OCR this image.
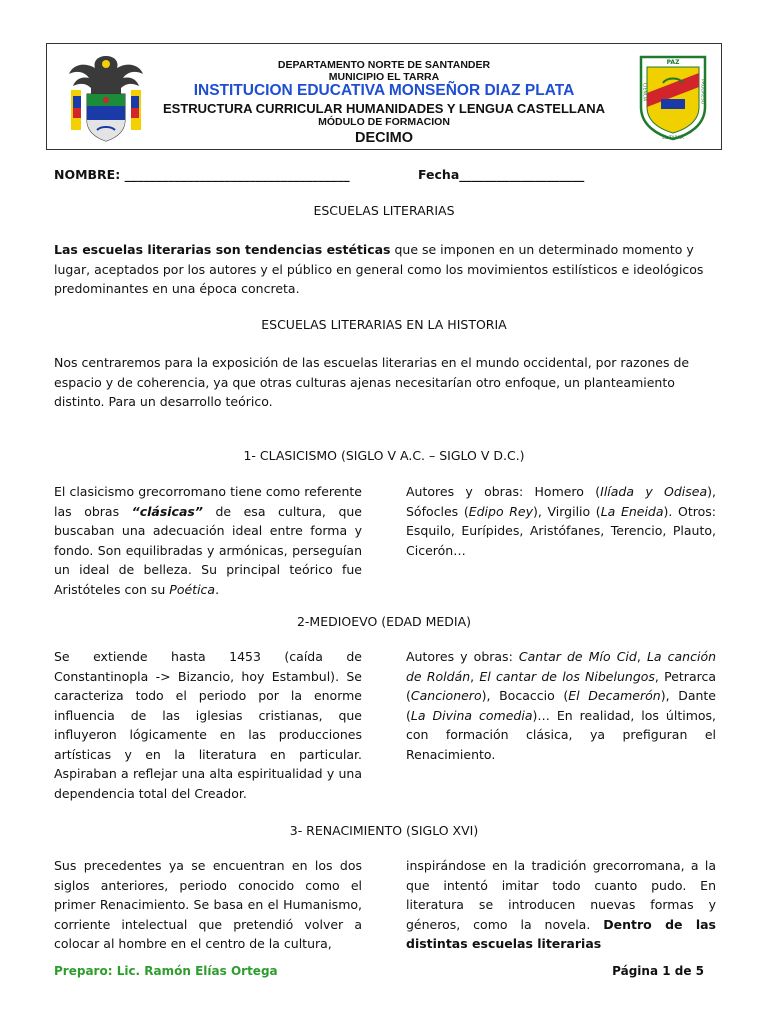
DEPARTAMENTO NORTE DE SANTANDER
MUNICIPIO EL TARRA
INSTITUCION EDUCATIVA MONSEÑOR DIAZ PLATA
ESTRUCTURA CURRICULAR HUMANIDADES Y LENGUA CASTELLANA
MÓDULO DE FORMACION
DECIMO
PAZ
CIENCIA	PROGRESO
EL TARRA
NOMBRE: ____________________________________	Fecha____________________
ESCUELAS LITERARIAS
Las escuelas literarias son tendencias estéticas que se imponen en un determinado momento y lugar, aceptados por los autores y el público en general como los movimientos estilísticos e ideológicos predominantes en una época concreta.
ESCUELAS LITERARIAS EN LA HISTORIA
Nos centraremos para la exposición de las escuelas literarias en el mundo occidental, por razones de espacio y de coherencia, ya que otras culturas ajenas necesitarían otro enfoque, un planteamiento distinto. Para un desarrollo teórico.
1- CLASICISMO (SIGLO V A.C. – SIGLO V D.C.)
El clasicismo grecorromano tiene como referente las obras “clásicas” de esa cultura, que buscaban una adecuación ideal entre forma y fondo. Son equilibradas y armónicas, perseguían un ideal de belleza. Su principal teórico fue Aristóteles con su Poética.
Autores y obras: Homero (Ilíada y Odisea), Sófocles (Edipo Rey), Virgilio (La Eneida). Otros: Esquilo, Eurípides, Aristófanes, Terencio, Plauto, Cicerón…
2-MEDIOEVO (EDAD MEDIA)
Se extiende hasta 1453 (caída de Constantinopla -> Bizancio, hoy Estambul). Se caracteriza todo el periodo por la enorme influencia de las iglesias cristianas, que influyeron lógicamente en las producciones artísticas y en la literatura en particular. Aspiraban a reflejar una alta espiritualidad y una dependencia total del Creador.
Autores y obras: Cantar de Mío Cid, La canción de Roldán, El cantar de los Nibelungos, Petrarca (Cancionero), Bocaccio (El Decamerón), Dante (La Divina comedia)… En realidad, los últimos, con formación clásica, ya prefiguran el Renacimiento.
3- RENACIMIENTO (SIGLO XVI)
Sus precedentes ya se encuentran en los dos siglos anteriores, periodo conocido como el primer Renacimiento. Se basa en el Humanismo, corriente intelectual que pretendió volver a colocar al hombre en el centro de la cultura,
inspirándose en la tradición grecorromana, a la que intentó imitar todo cuanto pudo. En literatura se introducen nuevas formas y géneros, como la novela. Dentro de las distintas escuelas literarias
Preparo: Lic. Ramón Elías Ortega	Página 1 de 5
